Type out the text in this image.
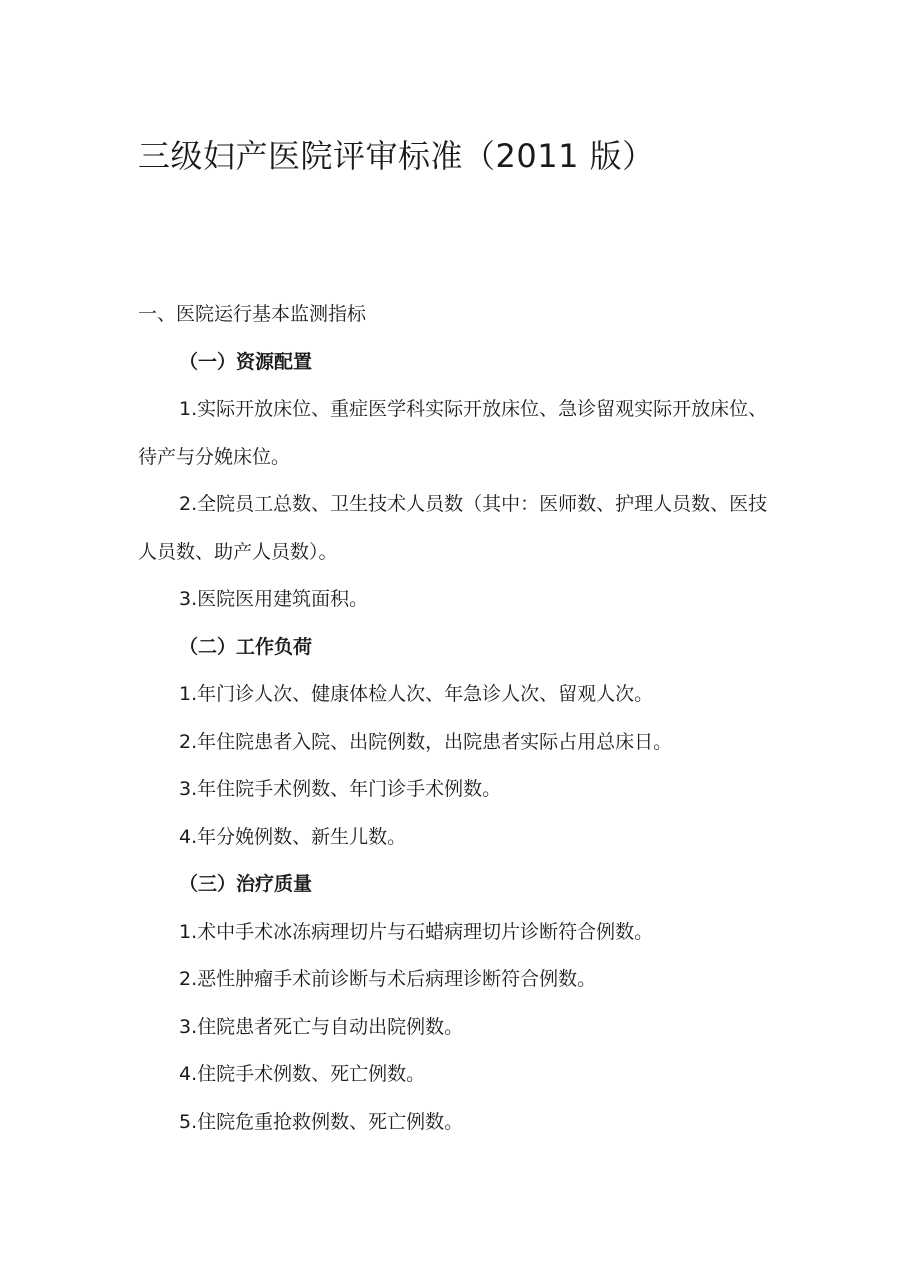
三级妇产医院评审标准（2011 版）

一、医院运行基本监测指标

（一）资源配置

1.实际开放床位、重症医学科实际开放床位、急诊留观实际开放床位、待产与分娩床位。

2.全院员工总数、卫生技术人员数（其中：医师数、护理人员数、医技人员数、助产人员数）。

3.医院医用建筑面积。

（二）工作负荷

1.年门诊人次、健康体检人次、年急诊人次、留观人次。

2.年住院患者入院、出院例数，出院患者实际占用总床日。

3.年住院手术例数、年门诊手术例数。

4.年分娩例数、新生儿数。

（三）治疗质量

1.术中手术冰冻病理切片与石蜡病理切片诊断符合例数。

2.恶性肿瘤手术前诊断与术后病理诊断符合例数。

3.住院患者死亡与自动出院例数。

4.住院手术例数、死亡例数。

5.住院危重抢救例数、死亡例数。
